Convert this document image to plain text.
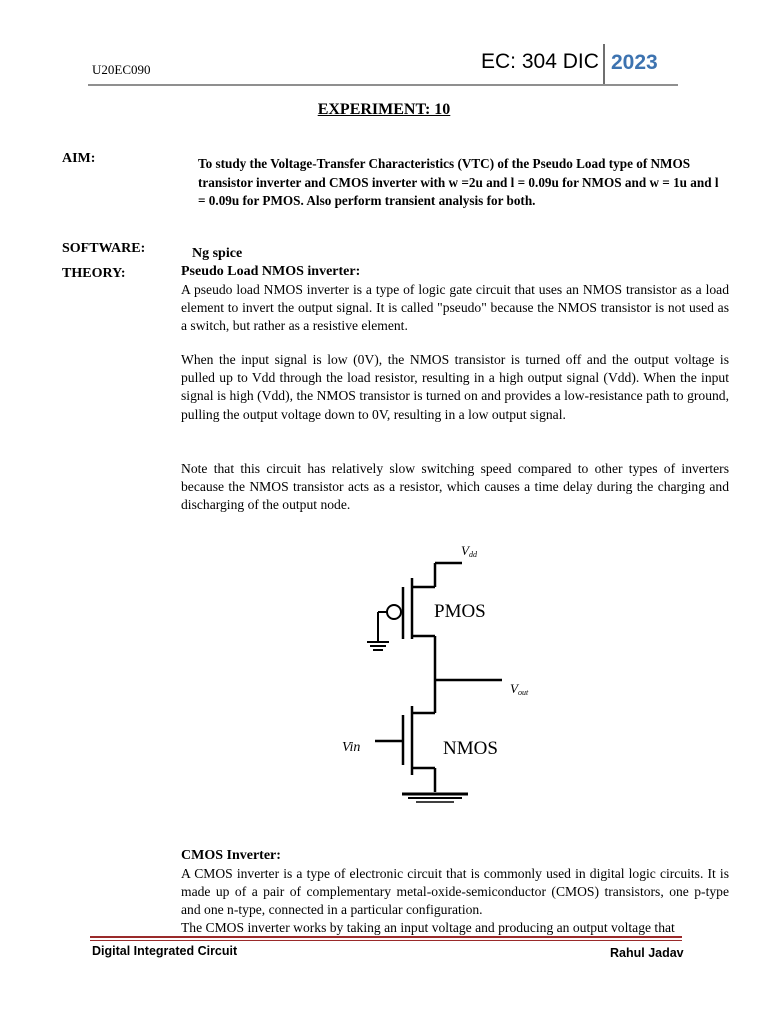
U20EC090	EC: 304 DIC 2023
EXPERIMENT: 10
AIM:	To study the Voltage-Transfer Characteristics (VTC) of the Pseudo Load type of NMOS transistor inverter and CMOS inverter with w =2u and l = 0.09u for NMOS and w = 1u and l = 0.09u for PMOS. Also perform transient analysis for both.
SOFTWARE:	Ng spice
THEORY:	Pseudo Load NMOS inverter:
A pseudo load NMOS inverter is a type of logic gate circuit that uses an NMOS transistor as a load element to invert the output signal. It is called "pseudo" because the NMOS transistor is not used as a switch, but rather as a resistive element.
When the input signal is low (0V), the NMOS transistor is turned off and the output voltage is pulled up to Vdd through the load resistor, resulting in a high output signal (Vdd). When the input signal is high (Vdd), the NMOS transistor is turned on and provides a low-resistance path to ground, pulling the output voltage down to 0V, resulting in a low output signal.
Note that this circuit has relatively slow switching speed compared to other types of inverters because the NMOS transistor acts as a resistor, which causes a time delay during the charging and discharging of the output node.
Vdd
PMOS
Vout
Vin	NMOS
CMOS Inverter:
A CMOS inverter is a type of electronic circuit that is commonly used in digital logic circuits. It is made up of a pair of complementary metal-oxide-semiconductor (CMOS) transistors, one p-type and one n-type, connected in a particular configuration.
The CMOS inverter works by taking an input voltage and producing an output voltage that
Digital Integrated Circuit	Rahul Jadav
